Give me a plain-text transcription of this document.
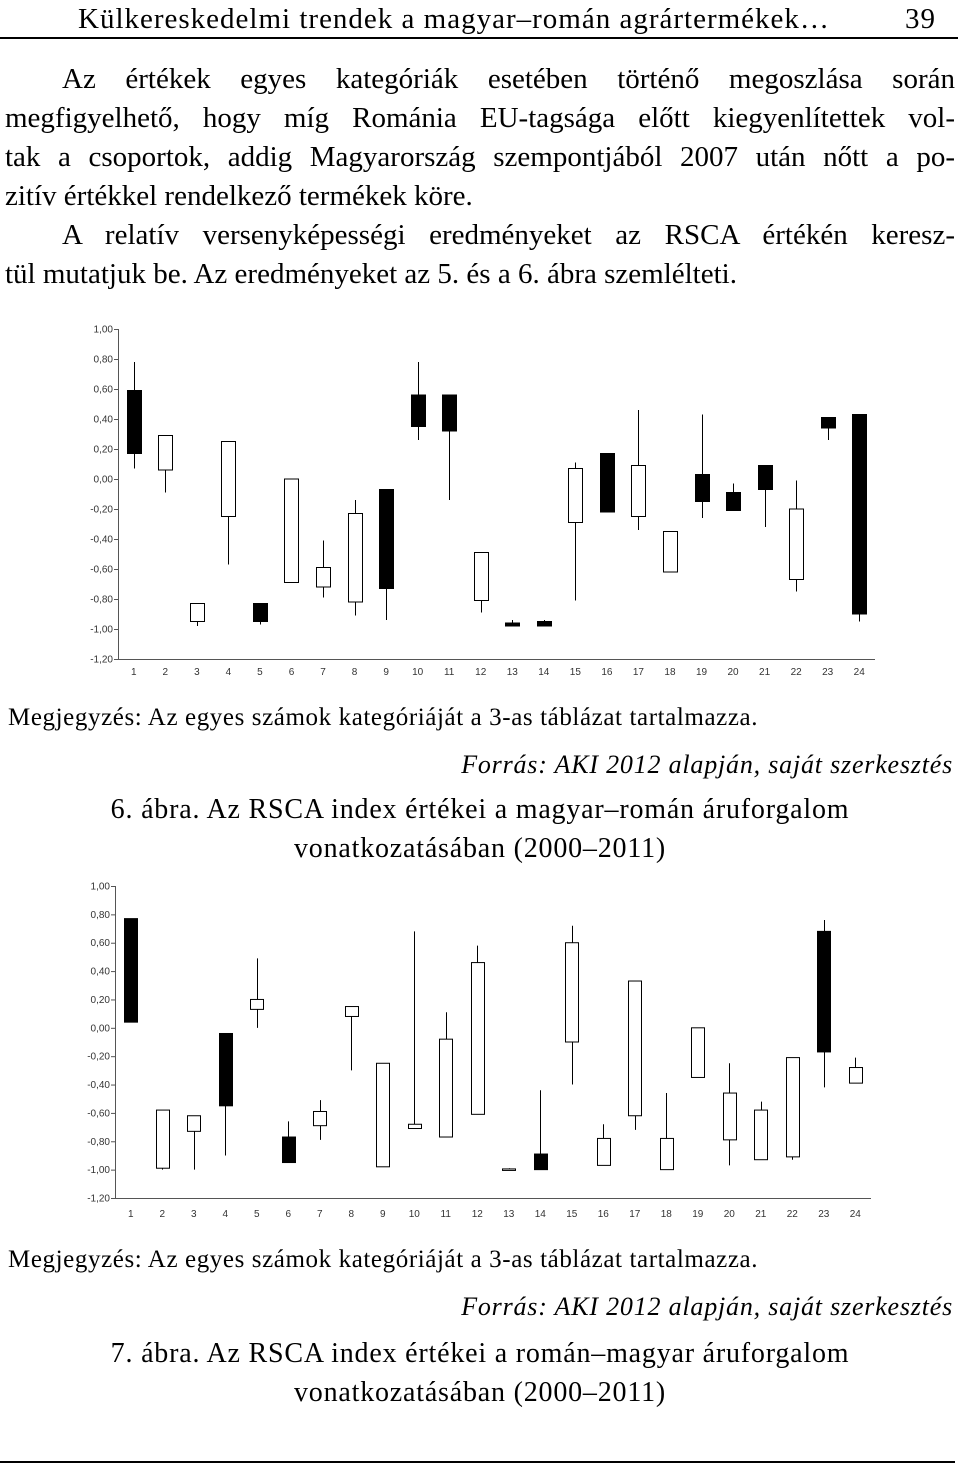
Külkereskedelmi trendek a magyar–román agrártermékek…	39
Az értékek egyes kategóriák esetében történő megoszlása során
megfigyelhető, hogy míg Románia EU-tagsága előtt kiegyenlítettek vol-
tak a csoportok, addig Magyarország szempontjából 2007 után nőtt a po-
zitív értékkel rendelkező termékek köre.
A relatív versenyképességi eredményeket az RSCA értékén keresz-
tül mutatjuk be. Az eredményeket az 5. és a 6. ábra szemlélteti.
1,00
0,80
0,60
0,40
0,20
0,00
-0,20
-0,40
-0,60
-0,80
-1,00
-1,20
1	2	3	4	5	6	7	8	9 10 11 12 13 14 15 16 17 18 19 20 21 22 23 24
Megjegyzés: Az egyes számok kategóriáját a 3-as táblázat tartalmazza.
Forrás: AKI 2012 alapján, saját szerkesztés
6. ábra. Az RSCA index értékei a magyar–román áruforgalom
vonatkozatásában (2000–2011)
1,00
0,80
0,60
0,40
0,20
0,00
-0,20
-0,40
-0,60
-0,80
-1,00
-1,20
1	2	3	4	5	6	7	8	9 10 11 12 13 14 15 16 17 18 19 20 21 22 23 24
Megjegyzés: Az egyes számok kategóriáját a 3-as táblázat tartalmazza.
Forrás: AKI 2012 alapján, saját szerkesztés
7. ábra. Az RSCA index értékei a román–magyar áruforgalom
vonatkozatásában (2000–2011)
